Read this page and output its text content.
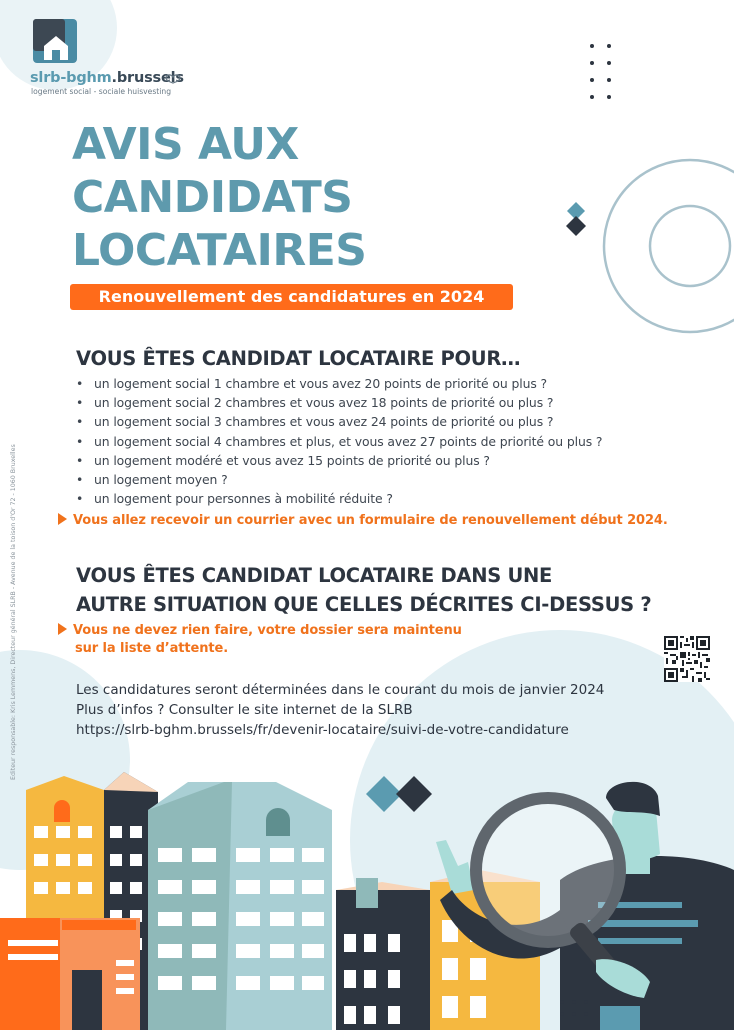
slrb-bghm.brussels
logement social - sociale huisvesting
AVIS AUX
CANDIDATS
LOCATAIRES
Renouvellement des candidatures en 2024
VOUS ÊTES CANDIDAT LOCATAIRE POUR…
• un logement social 1 chambre et vous avez 20 points de priorité ou plus ?
• un logement social 2 chambres et vous avez 18 points de priorité ou plus ?
• un logement social 3 chambres et vous avez 24 points de priorité ou plus ?
• un logement social 4 chambres et plus, et vous avez 27 points de priorité ou plus ?
• un logement modéré et vous avez 15 points de priorité ou plus ?
• un logement moyen ?
• un logement pour personnes à mobilité réduite ?
Vous allez recevoir un courrier avec un formulaire de renouvellement début 2024.
VOUS ÊTES CANDIDAT LOCATAIRE DANS UNE
AUTRE SITUATION QUE CELLES DÉCRITES CI-DESSUS ?
Vous ne devez rien faire, votre dossier sera maintenu
sur la liste d’attente.
Les candidatures seront déterminées dans le courant du mois de janvier 2024
Plus d’infos ? Consulter le site internet de la SLRB
https://slrb-bghm.brussels/fr/devenir-locataire/suivi-de-votre-candidature
Editeur responsable: Kris Lemmens, Directeur général SLRB - Avenue de la toison d'Or 72 - 1060 Bruxelles
